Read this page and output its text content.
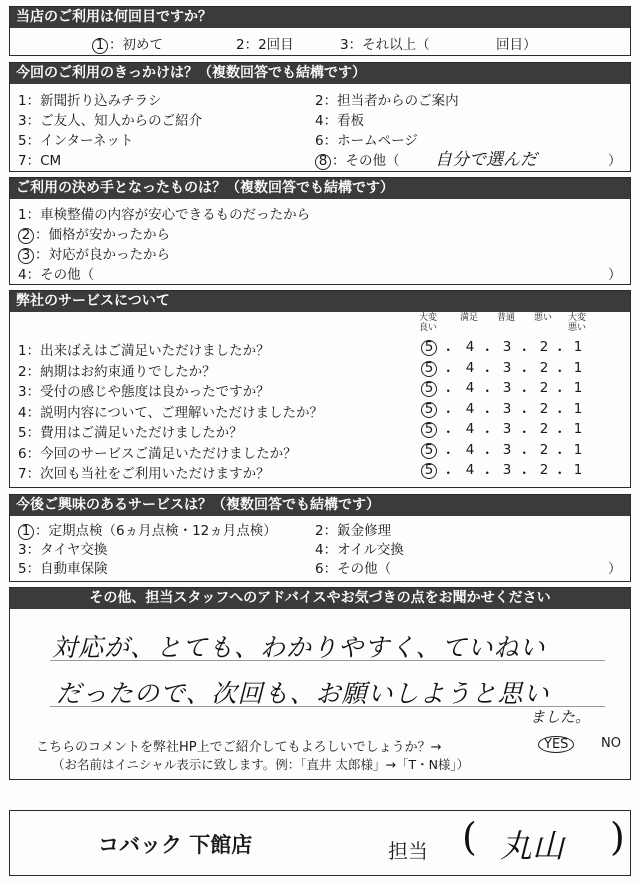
当店のご利用は何回目ですか？
1 ：初めて	2：2回目	3：それ以上（	回目）
今回のご利用のきっかけは？（複数回答でも結構です）
1：新聞折り込みチラシ	2：担当者からのご案内
3：ご友人、知人からのご紹介	4：看板
5：インターネット	6：ホームページ
7：CM	8 ：その他（ 自分で選んだ	）
ご利用の決め手となったものは？（複数回答でも結構です）
1：車検整備の内容が安心できるものだったから
2 ：価格が安かったから
3 ：対応が良かったから
4：その他（	）
弊社のサービスについて
大変良い
満足	普通	悪い	大変悪い
1：出来ばえはご満足いただけましたか？	5 ・ 4 ・ 3 ・ 2 ・ 1
2：納期はお約束通りでしたか？	5 ・ 4 ・ 3 ・ 2 ・ 1
3：受付の感じや態度は良かったですか？	5 ・ 4 ・ 3 ・ 2 ・ 1
4：説明内容について、ご理解いただけましたか？	5 ・ 4 ・ 3 ・ 2 ・ 1
5：費用はご満足いただけましたか？	5 ・ 4 ・ 3 ・ 2 ・ 1
6：今回のサービスご満足いただけましたか？	5 ・ 4 ・ 3 ・ 2 ・ 1
7：次回も当社をご利用いただけますか？	5 ・ 4 ・ 3 ・ 2 ・ 1
今後ご興味のあるサービスは？（複数回答でも結構です）
1 ：定期点検（6ヵ月点検・12ヵ月点検）	2：鈑金修理
3：タイヤ交換	4：オイル交換
5：自動車保険	6：その他（	）
その他、担当スタッフへのアドバイスやお気づきの点をお聞かせください
対応が、とても、わかりやすく、ていねい
だったので、次回も、お願いしようと思い
ました。
こちらのコメントを弊社HP上でご紹介してもよろしいでしょうか？→	YES	NO
（お名前はイニシャル表示に致します。例：「直井 太郎様」→「T・N様」）
コバック 下館店	担当 ( 丸山 )
